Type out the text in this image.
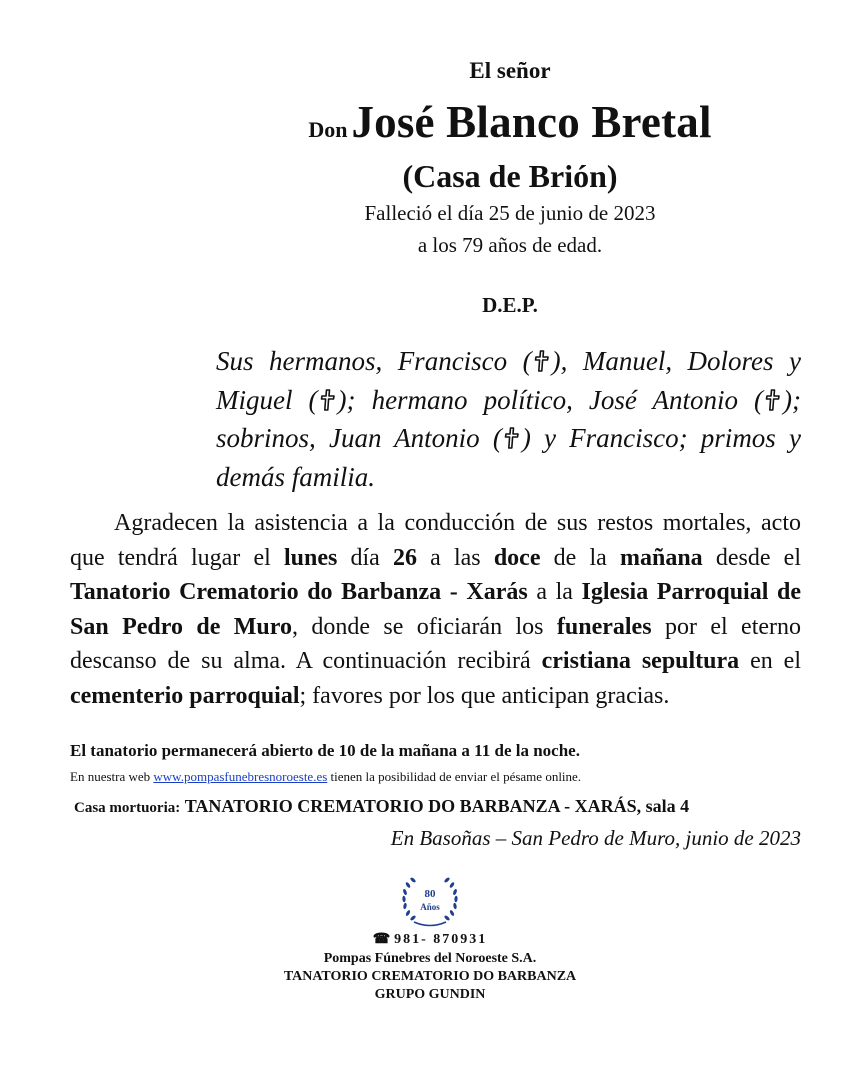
El señor
Don José Blanco Bretal
(Casa de Brión)
Falleció el día 25 de junio de 2023
a los 79 años de edad.
D.E.P.
Sus hermanos, Francisco ( ), Manuel, Dolores y Miguel ( ); hermano político, José Antonio ( ); sobrinos, Juan Antonio ( ) y Francisco; primos y demás familia.
Agradecen la asistencia a la conducción de sus restos mortales, acto que tendrá lugar el lunes día 26 a las doce de la mañana desde el Tanatorio Crematorio do Barbanza - Xarás a la Iglesia Parroquial de San Pedro de Muro, donde se oficiarán los funerales por el eterno descanso de su alma. A continuación recibirá cristiana sepultura en el cementerio parroquial; favores por los que anticipan gracias.
El tanatorio permanecerá abierto de 10 de la mañana a 11 de la noche.
En nuestra web www.pompasfunebresnoroeste.es tienen la posibilidad de enviar el pésame online.
Casa mortuoria: TANATORIO CREMATORIO DO BARBANZA - XARÁS, sala 4
En Basoñas – San Pedro de Muro, junio de 2023
80
Años
☎ 981- 870931
Pompas Fúnebres del Noroeste S.A.
TANATORIO CREMATORIO DO BARBANZA
GRUPO GUNDIN
